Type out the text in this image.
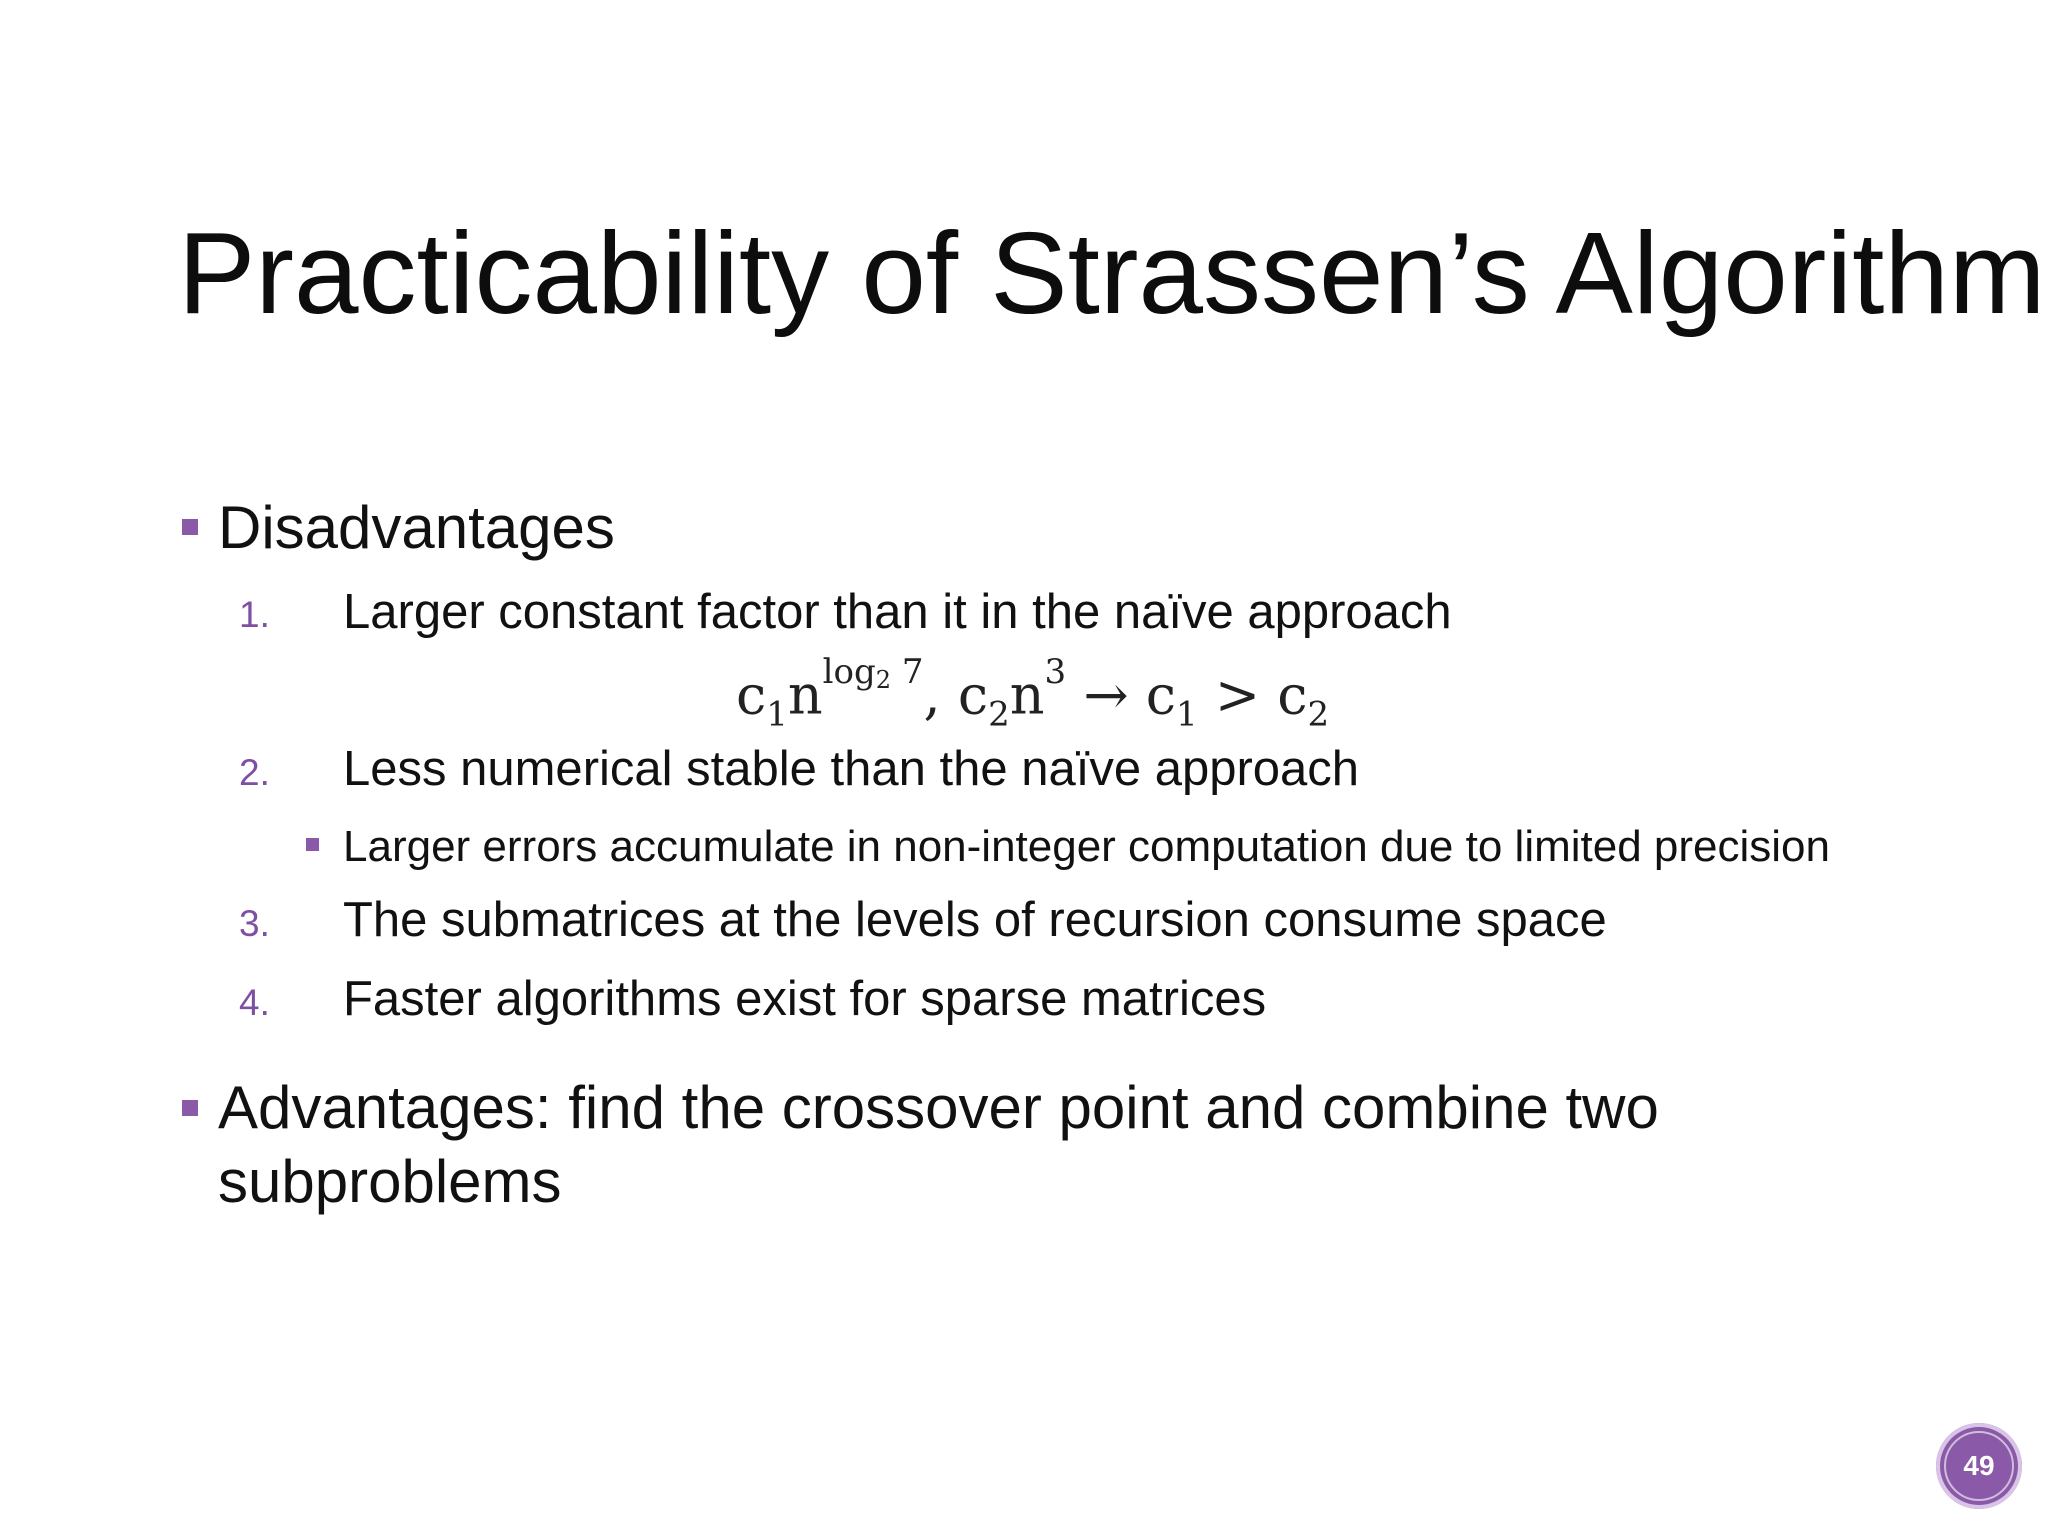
Practicability of Strassen’s Algorithm
Disadvantages
1. Larger constant factor than it in the naïve approach
$c_1n^{log2 7}$, $c_2n^3 \to c_1 > c_2$
2. Less numerical stable than the naïve approach
Larger errors accumulate in non-integer computation due to limited precision
3. The submatrices at the levels of recursion consume space
4. Faster algorithms exist for sparse matrices
Advantages: find the crossover point and combine two
subproblems
49
